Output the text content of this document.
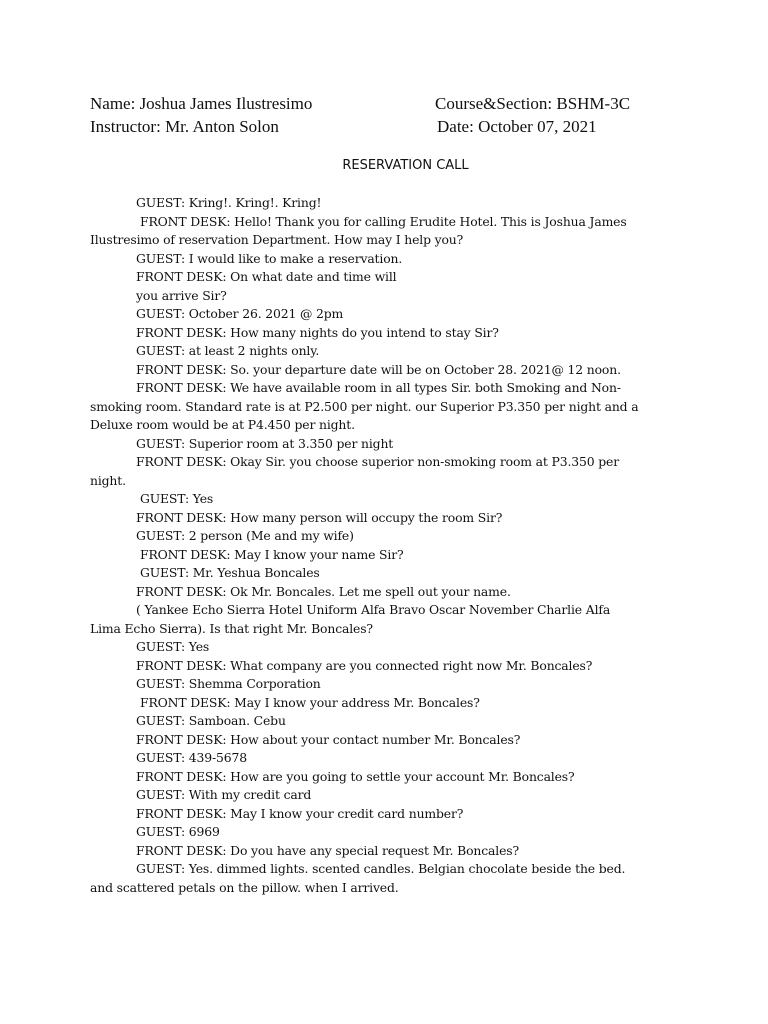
Name: Joshua James Ilustresimo	Course&Section: BSHM-3C
Instructor: Mr. Anton Solon	Date: October 07, 2021
RESERVATION CALL
GUEST: Kring!. Kring!. Kring!
FRONT DESK: Hello! Thank you for calling Erudite Hotel. This is Joshua James
Ilustresimo of reservation Department. How may I help you?
GUEST: I would like to make a reservation.
FRONT DESK: On what date and time will
you arrive Sir?
GUEST: October 26. 2021 @ 2pm
FRONT DESK: How many nights do you intend to stay Sir?
GUEST: at least 2 nights only.
FRONT DESK: So. your departure date will be on October 28. 2021@ 12 noon.
FRONT DESK: We have available room in all types Sir. both Smoking and Non-
smoking room. Standard rate is at P2.500 per night. our Superior P3.350 per night and a
Deluxe room would be at P4.450 per night.
GUEST: Superior room at 3.350 per night
FRONT DESK: Okay Sir. you choose superior non-smoking room at P3.350 per
night.
GUEST: Yes
FRONT DESK: How many person will occupy the room Sir?
GUEST: 2 person (Me and my wife)
FRONT DESK: May I know your name Sir?
GUEST: Mr. Yeshua Boncales
FRONT DESK: Ok Mr. Boncales. Let me spell out your name.
( Yankee Echo Sierra Hotel Uniform Alfa Bravo Oscar November Charlie Alfa
Lima Echo Sierra). Is that right Mr. Boncales?
GUEST: Yes
FRONT DESK: What company are you connected right now Mr. Boncales?
GUEST: Shemma Corporation
FRONT DESK: May I know your address Mr. Boncales?
GUEST: Samboan. Cebu
FRONT DESK: How about your contact number Mr. Boncales?
GUEST: 439-5678
FRONT DESK: How are you going to settle your account Mr. Boncales?
GUEST: With my credit card
FRONT DESK: May I know your credit card number?
GUEST: 6969
FRONT DESK: Do you have any special request Mr. Boncales?
GUEST: Yes. dimmed lights. scented candles. Belgian chocolate beside the bed.
and scattered petals on the pillow. when I arrived.
